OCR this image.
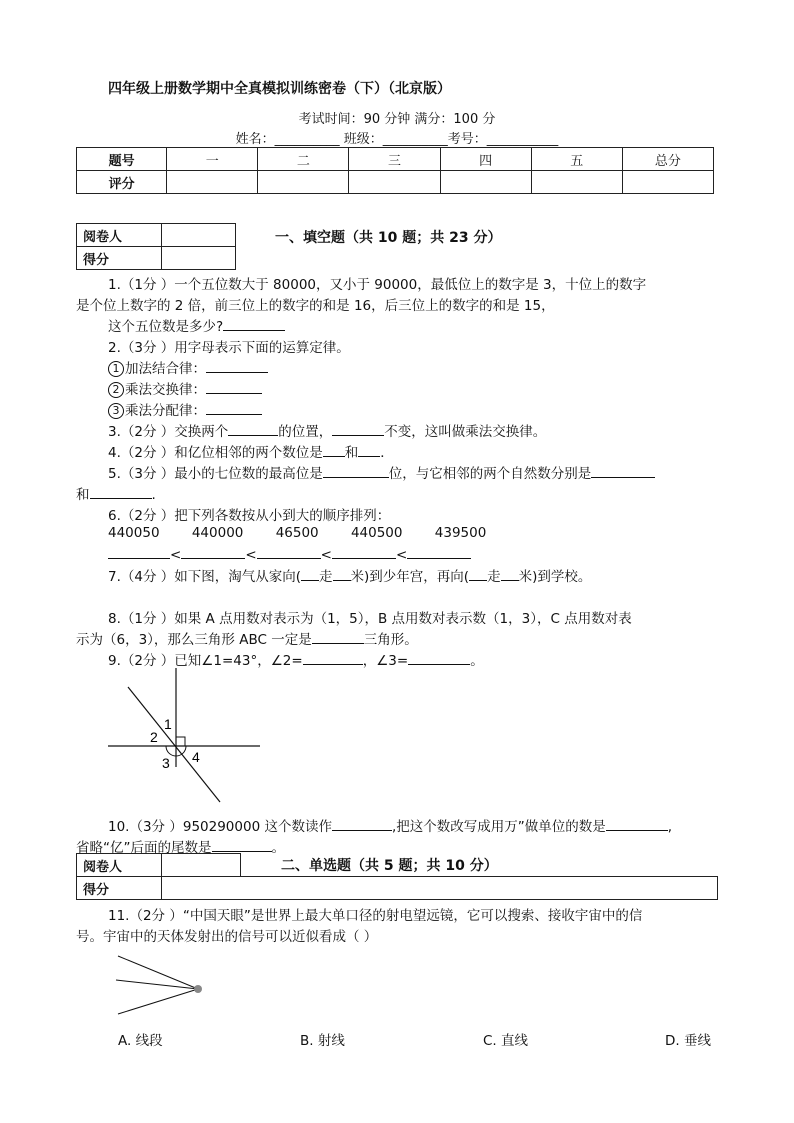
四年级上册数学期中全真模拟训练密卷（下）（北京版）
考试时间：90 分钟 满分：100 分
姓名：__________ 班级：__________考号：___________
题号	一	二	三	四	五	总分
评分						
阅卷人	
得分	
一、填空题（共 10 题；共 23 分）
1.（1分 ）一个五位数大于 80000，又小于 90000，最低位上的数字是 3，十位上的数字
是个位上数字的 2 倍，前三位上的数字的和是 16，后三位上的数字的和是 15，
这个五位数是多少?
2.（3分 ）用字母表示下面的运算定律。
1 加法结合律：
2 乘法交换律：
3 乘法分配律：
3.（2分 ）交换两个	的位置，	不变，这叫做乘法交换律。
4.（2分 ）和亿位相邻的两个数位是 和 ．
5.（3分 ）最小的七位数的最高位是	位，与它相邻的两个自然数分别是
和	.
6.（2分 ）把下列各数按从小到大的顺序排列：
440050 440000 46500 440500 439500
<	<	<	<
7.（4分 ）如下图，淘气从家向( 走 米)到少年宫，再向( 走 米)到学校。
8.（1分 ）如果 A 点用数对表示为（1，5），B 点用数对表示数（1，3），C 点用数对表
示为（6，3），那么三角形 ABC 一定是	三角形。
9.（2分 ）已知∠1=43°，∠2=	，∠3=	。
1
2
3 4
10.（3分 ）950290000 这个数读作	,把这个数改写成用万”做单位的数是	,
省略“亿”后面的尾数是	。
阅卷人		二、单选题（共 5 题；共 10 分）
得分		
11.（2分 ）“中国天眼”是世界上最大单口径的射电望远镜，它可以搜索、接收宇宙中的信
号。宇宙中的天体发射出的信号可以近似看成（ ）
A. 线段	B. 射线	C. 直线	D. 垂线
